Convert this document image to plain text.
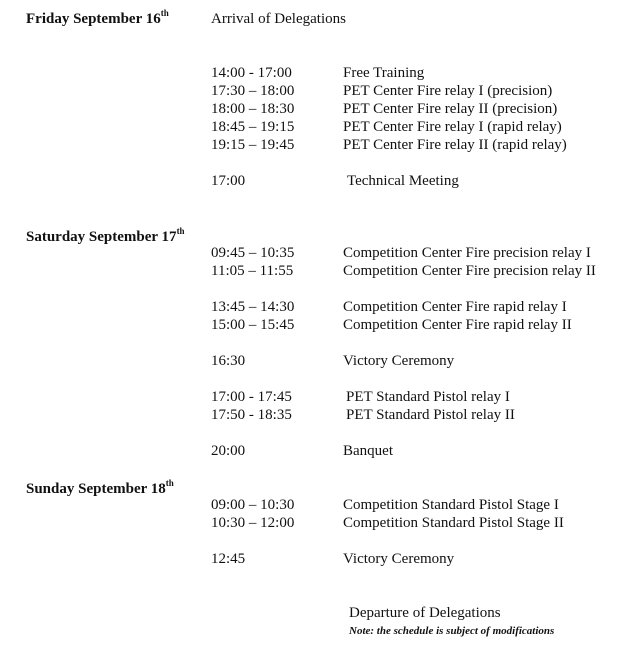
Friday September 16th	Arrival of Delegations
14:00 - 17:00	Free Training
17:30 – 18:00	PET Center Fire relay I (precision)
18:00 – 18:30	PET Center Fire relay II (precision)
18:45 – 19:15	PET Center Fire relay I (rapid relay)
19:15 – 19:45	PET Center Fire relay II (rapid relay)
17:00	Technical Meeting
Saturday September 17th
09:45 – 10:35	Competition Center Fire precision relay I
11:05 – 11:55	Competition Center Fire precision relay II
13:45 – 14:30	Competition Center Fire rapid relay I
15:00 – 15:45	Competition Center Fire rapid relay II
16:30	Victory Ceremony
17:00 - 17:45	PET Standard Pistol relay I
17:50 - 18:35	PET Standard Pistol relay II
20:00	Banquet
Sunday September 18th
09:00 – 10:30	Competition Standard Pistol Stage I
10:30 – 12:00	Competition Standard Pistol Stage II
12:45	Victory Ceremony
Departure of Delegations
Note: the schedule is subject of modifications
